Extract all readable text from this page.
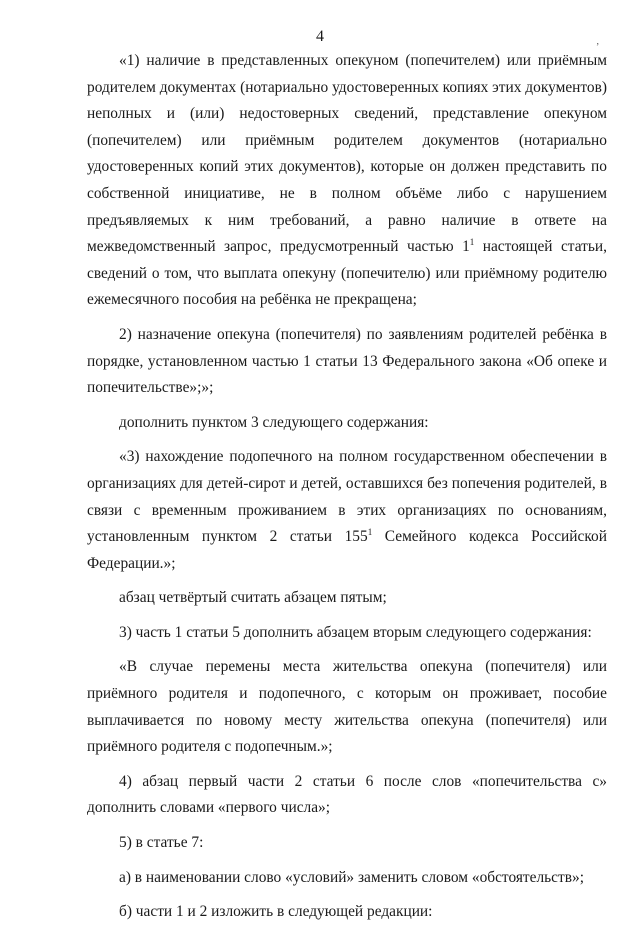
4	‚

«1) наличие в представленных опекуном (попечителем) или приёмным родителем документах (нотариально удостоверенных копиях этих документов) неполных и (или) недостоверных сведений, представление опекуном (попечителем) или приёмным родителем документов (нотариально удостоверенных копий этих документов), которые он должен представить по собственной инициативе, не в полном объёме либо с нарушением предъявляемых к ним требований, а равно наличие в ответе на межведомственный запрос, предусмотренный частью $1^1$ настоящей статьи, сведений о том, что выплата опекуну (попечителю) или приёмному родителю ежемесячного пособия на ребёнка не прекращена;

2) назначение опекуна (попечителя) по заявлениям родителей ребёнка в порядке, установленном частью 1 статьи 13 Федерального закона «Об опеке и попечительстве»;»;

дополнить пунктом 3 следующего содержания:

«3) нахождение подопечного на полном государственном обеспечении в организациях для детей-сирот и детей, оставшихся без попечения родителей, в связи с временным проживанием в этих организациях по основаниям, установленным пунктом 2 статьи $155^1$ Семейного кодекса Российской Федерации.»;

абзац четвёртый считать абзацем пятым;

3) часть 1 статьи 5 дополнить абзацем вторым следующего содержания:

«В случае перемены места жительства опекуна (попечителя) или приёмного родителя и подопечного, с которым он проживает, пособие выплачивается по новому месту жительства опекуна (попечителя) или приёмного родителя с подопечным.»;

4) абзац первый части 2 статьи 6 после слов «попечительства с» дополнить словами «первого числа»;

5) в статье 7:

а) в наименовании слово «условий» заменить словом «обстоятельств»;

б) части 1 и 2 изложить в следующей редакции:
